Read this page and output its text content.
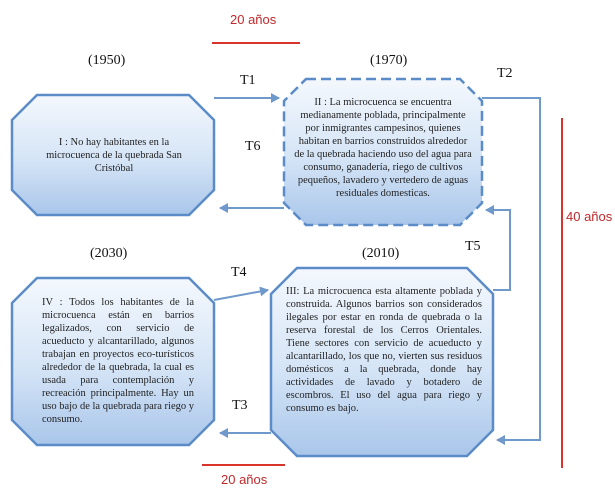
20 años

40 años

20 años

(1950)	(1970)

(2030)	(2010)

T1	T2

T6

T5

T4

T3

I : No hay habitantes en la microcuenca de la quebrada San Cristóbal

II : La microcuenca se encuentra medianamente poblada, principalmente por inmigrantes campesinos, quienes habitan en barrios construidos alrededor de la quebrada haciendo uso del agua para consumo, ganadería, riego de cultivos pequeños, lavadero y vertedero de aguas residuales domesticas.

IV : Todos los habitantes de la microcuenca están en barrios legalizados, con servicio de acueducto y alcantarillado, algunos trabajan en proyectos eco-turísticos alrededor de la quebrada, la cual es usada para contemplación y recreación principalmente. Hay un uso bajo de la quebrada para riego y consumo.

III: La microcuenca esta altamente poblada y construida. Algunos barrios son considerados ilegales por estar en ronda de quebrada o la reserva forestal de los Cerros Orientales. Tiene sectores con servicio de acueducto y alcantarillado, los que no, vierten sus residuos domésticos a la quebrada, donde hay actividades de lavado y botadero de escombros. El uso del agua para riego y consumo es bajo.
